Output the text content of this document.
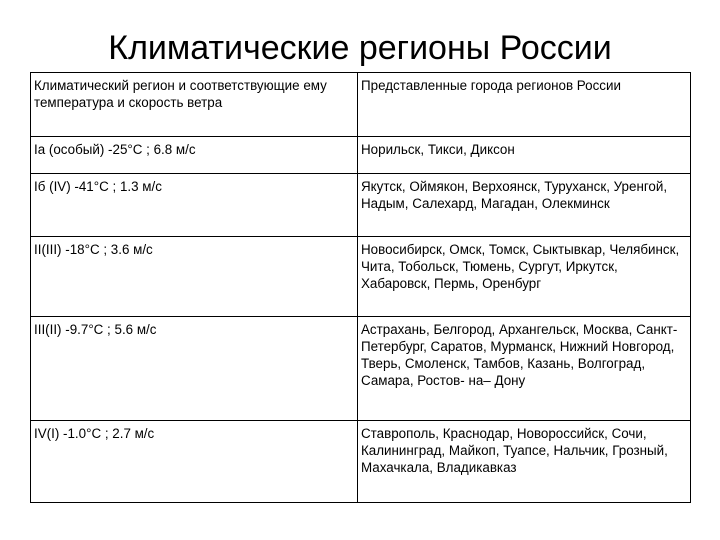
Климатические регионы России
Климатический регион и соответствующие ему температура и скорость ветра	Представленные города регионов России
Iа (особый) -25°С ; 6.8 м/с	Норильск, Тикси, Диксон
Iб (IV) -41°С ; 1.3 м/с	Якутск, Оймякон, Верхоянск, Туруханск, Уренгой, Надым, Салехард, Магадан, Олекминск
II(III) -18°С ; 3.6 м/с	Новосибирск, Омск, Томск, Сыктывкар, Челябинск, Чита, Тобольск, Тюмень, Сургут, Иркутск, Хабаровск, Пермь, Оренбург
III(II) -9.7°С ; 5.6 м/с	Астрахань, Белгород, Архангельск, Москва, Санкт- Петербург, Саратов, Мурманск, Нижний Новгород, Тверь, Смоленск, Тамбов, Казань, Волгоград, Самара, Ростов- на– Дону
IV(I) -1.0°С ; 2.7 м/с	Ставрополь, Краснодар, Новороссийск, Сочи, Калининград, Майкоп, Туапсе, Нальчик, Грозный, Махачкала, Владикавказ
